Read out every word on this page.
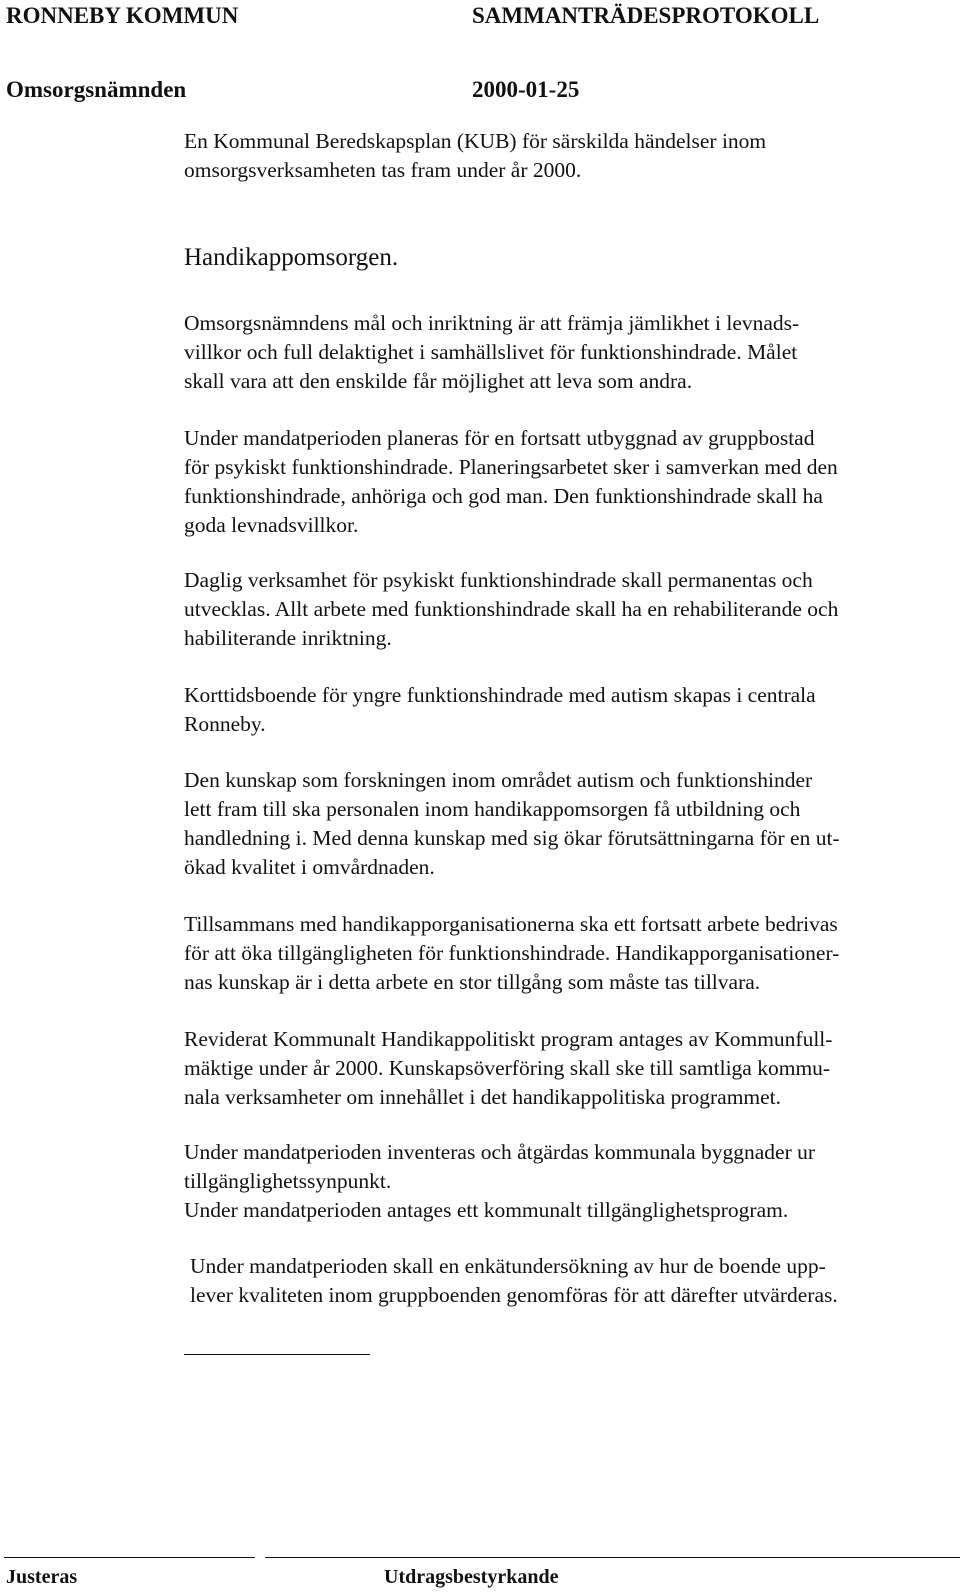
RONNEBY KOMMUN	SAMMANTRÄDESPROTOKOLL
Omsorgsnämnden	2000-01-25
En Kommunal Beredskapsplan (KUB) för särskilda händelser inom
omsorgsverksamheten tas fram under år 2000.
Handikappomsorgen.
Omsorgsnämndens mål och inriktning är att främja jämlikhet i levnads-
villkor och full delaktighet i samhällslivet för funktionshindrade. Målet
skall vara att den enskilde får möjlighet att leva som andra.
Under mandatperioden planeras för en fortsatt utbyggnad av gruppbostad
för psykiskt funktionshindrade. Planeringsarbetet sker i samverkan med den
funktionshindrade, anhöriga och god man. Den funktionshindrade skall ha
goda levnadsvillkor.
Daglig verksamhet för psykiskt funktionshindrade skall permanentas och
utvecklas. Allt arbete med funktionshindrade skall ha en rehabiliterande och
habiliterande inriktning.
Korttidsboende för yngre funktionshindrade med autism skapas i centrala
Ronneby.
Den kunskap som forskningen inom området autism och funktionshinder
lett fram till ska personalen inom handikappomsorgen få utbildning och
handledning i. Med denna kunskap med sig ökar förutsättningarna för en ut-
ökad kvalitet i omvårdnaden.
Tillsammans med handikapporganisationerna ska ett fortsatt arbete bedrivas
för att öka tillgängligheten för funktionshindrade. Handikapporganisationer-
nas kunskap är i detta arbete en stor tillgång som måste tas tillvara.
Reviderat Kommunalt Handikappolitiskt program antages av Kommunfull-
mäktige under år 2000. Kunskapsöverföring skall ske till samtliga kommu-
nala verksamheter om innehållet i det handikappolitiska programmet.
Under mandatperioden inventeras och åtgärdas kommunala byggnader ur
tillgänglighetssynpunkt.
Under mandatperioden antages ett kommunalt tillgänglighetsprogram.
Under mandatperioden skall en enkätundersökning av hur de boende upp-
lever kvaliteten inom gruppboenden genomföras för att därefter utvärderas.
Justeras	Utdragsbestyrkande
